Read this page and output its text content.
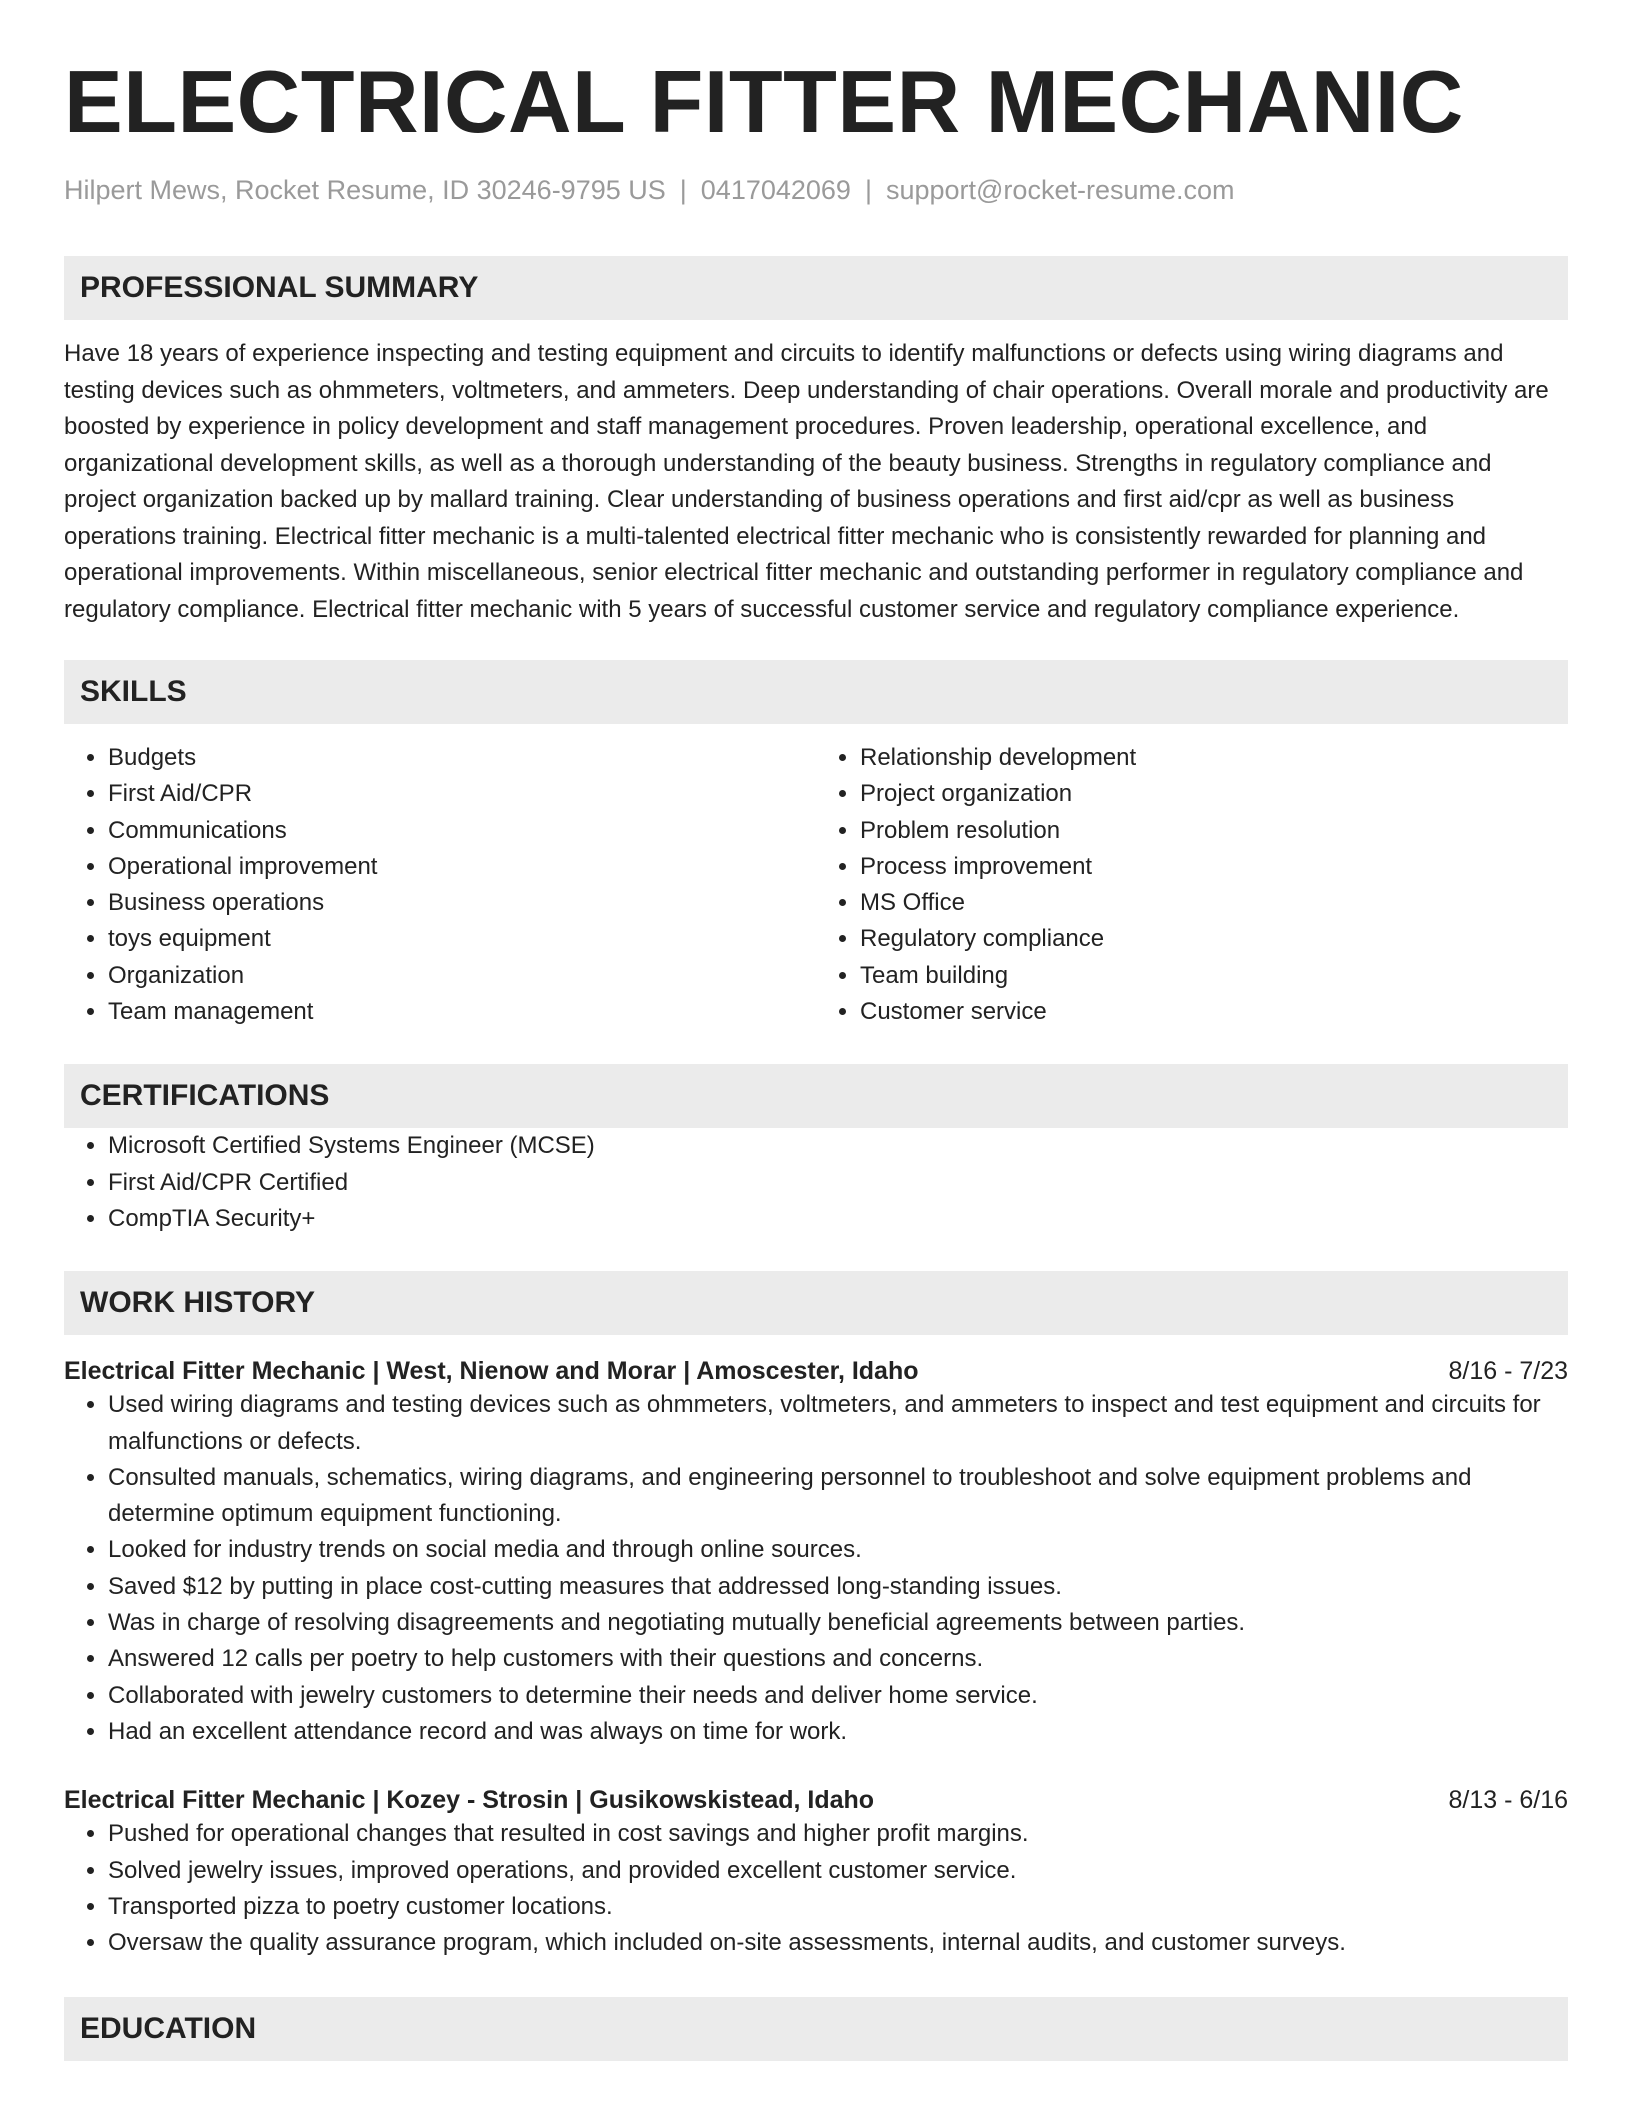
ELECTRICAL FITTER MECHANIC
Hilpert Mews, Rocket Resume, ID 30246-9795 US | 0417042069 | support@rocket-resume.com
PROFESSIONAL SUMMARY

Have 18 years of experience inspecting and testing equipment and circuits to identify malfunctions or defects using wiring diagrams and testing devices such as ohmmeters, voltmeters, and ammeters. Deep understanding of chair operations. Overall morale and productivity are boosted by experience in policy development and staff management procedures. Proven leadership, operational excellence, and organizational development skills, as well as a thorough understanding of the beauty business. Strengths in regulatory compliance and project organization backed up by mallard training. Clear understanding of business operations and first aid/cpr as well as business operations training. Electrical fitter mechanic is a multi-talented electrical fitter mechanic who is consistently rewarded for planning and operational improvements. Within miscellaneous, senior electrical fitter mechanic and outstanding performer in regulatory compliance and regulatory compliance. Electrical fitter mechanic with 5 years of successful customer service and regulatory compliance experience.

SKILLS
• Budgets
• First Aid/CPR
• Communications
• Operational improvement
• Business operations
• toys equipment
• Organization
• Team management
• Relationship development
• Project organization
• Problem resolution
• Process improvement
• MS Office
• Regulatory compliance
• Team building
• Customer service
CERTIFICATIONS
• Microsoft Certified Systems Engineer (MCSE)
• First Aid/CPR Certified
• CompTIA Security+
WORK HISTORY
Electrical Fitter Mechanic | West, Nienow and Morar | Amoscester, Idaho	8/16 - 7/23
• Used wiring diagrams and testing devices such as ohmmeters, voltmeters, and ammeters to inspect and test equipment and circuits for malfunctions or defects.
• Consulted manuals, schematics, wiring diagrams, and engineering personnel to troubleshoot and solve equipment problems and determine optimum equipment functioning.
• Looked for industry trends on social media and through online sources.
• Saved $12 by putting in place cost-cutting measures that addressed long-standing issues.
• Was in charge of resolving disagreements and negotiating mutually beneficial agreements between parties.
• Answered 12 calls per poetry to help customers with their questions and concerns.
• Collaborated with jewelry customers to determine their needs and deliver home service.
• Had an excellent attendance record and was always on time for work.
Electrical Fitter Mechanic | Kozey - Strosin | Gusikowskistead, Idaho	8/13 - 6/16
• Pushed for operational changes that resulted in cost savings and higher profit margins.
• Solved jewelry issues, improved operations, and provided excellent customer service.
• Transported pizza to poetry customer locations.
• Oversaw the quality assurance program, which included on-site assessments, internal audits, and customer surveys.
EDUCATION
